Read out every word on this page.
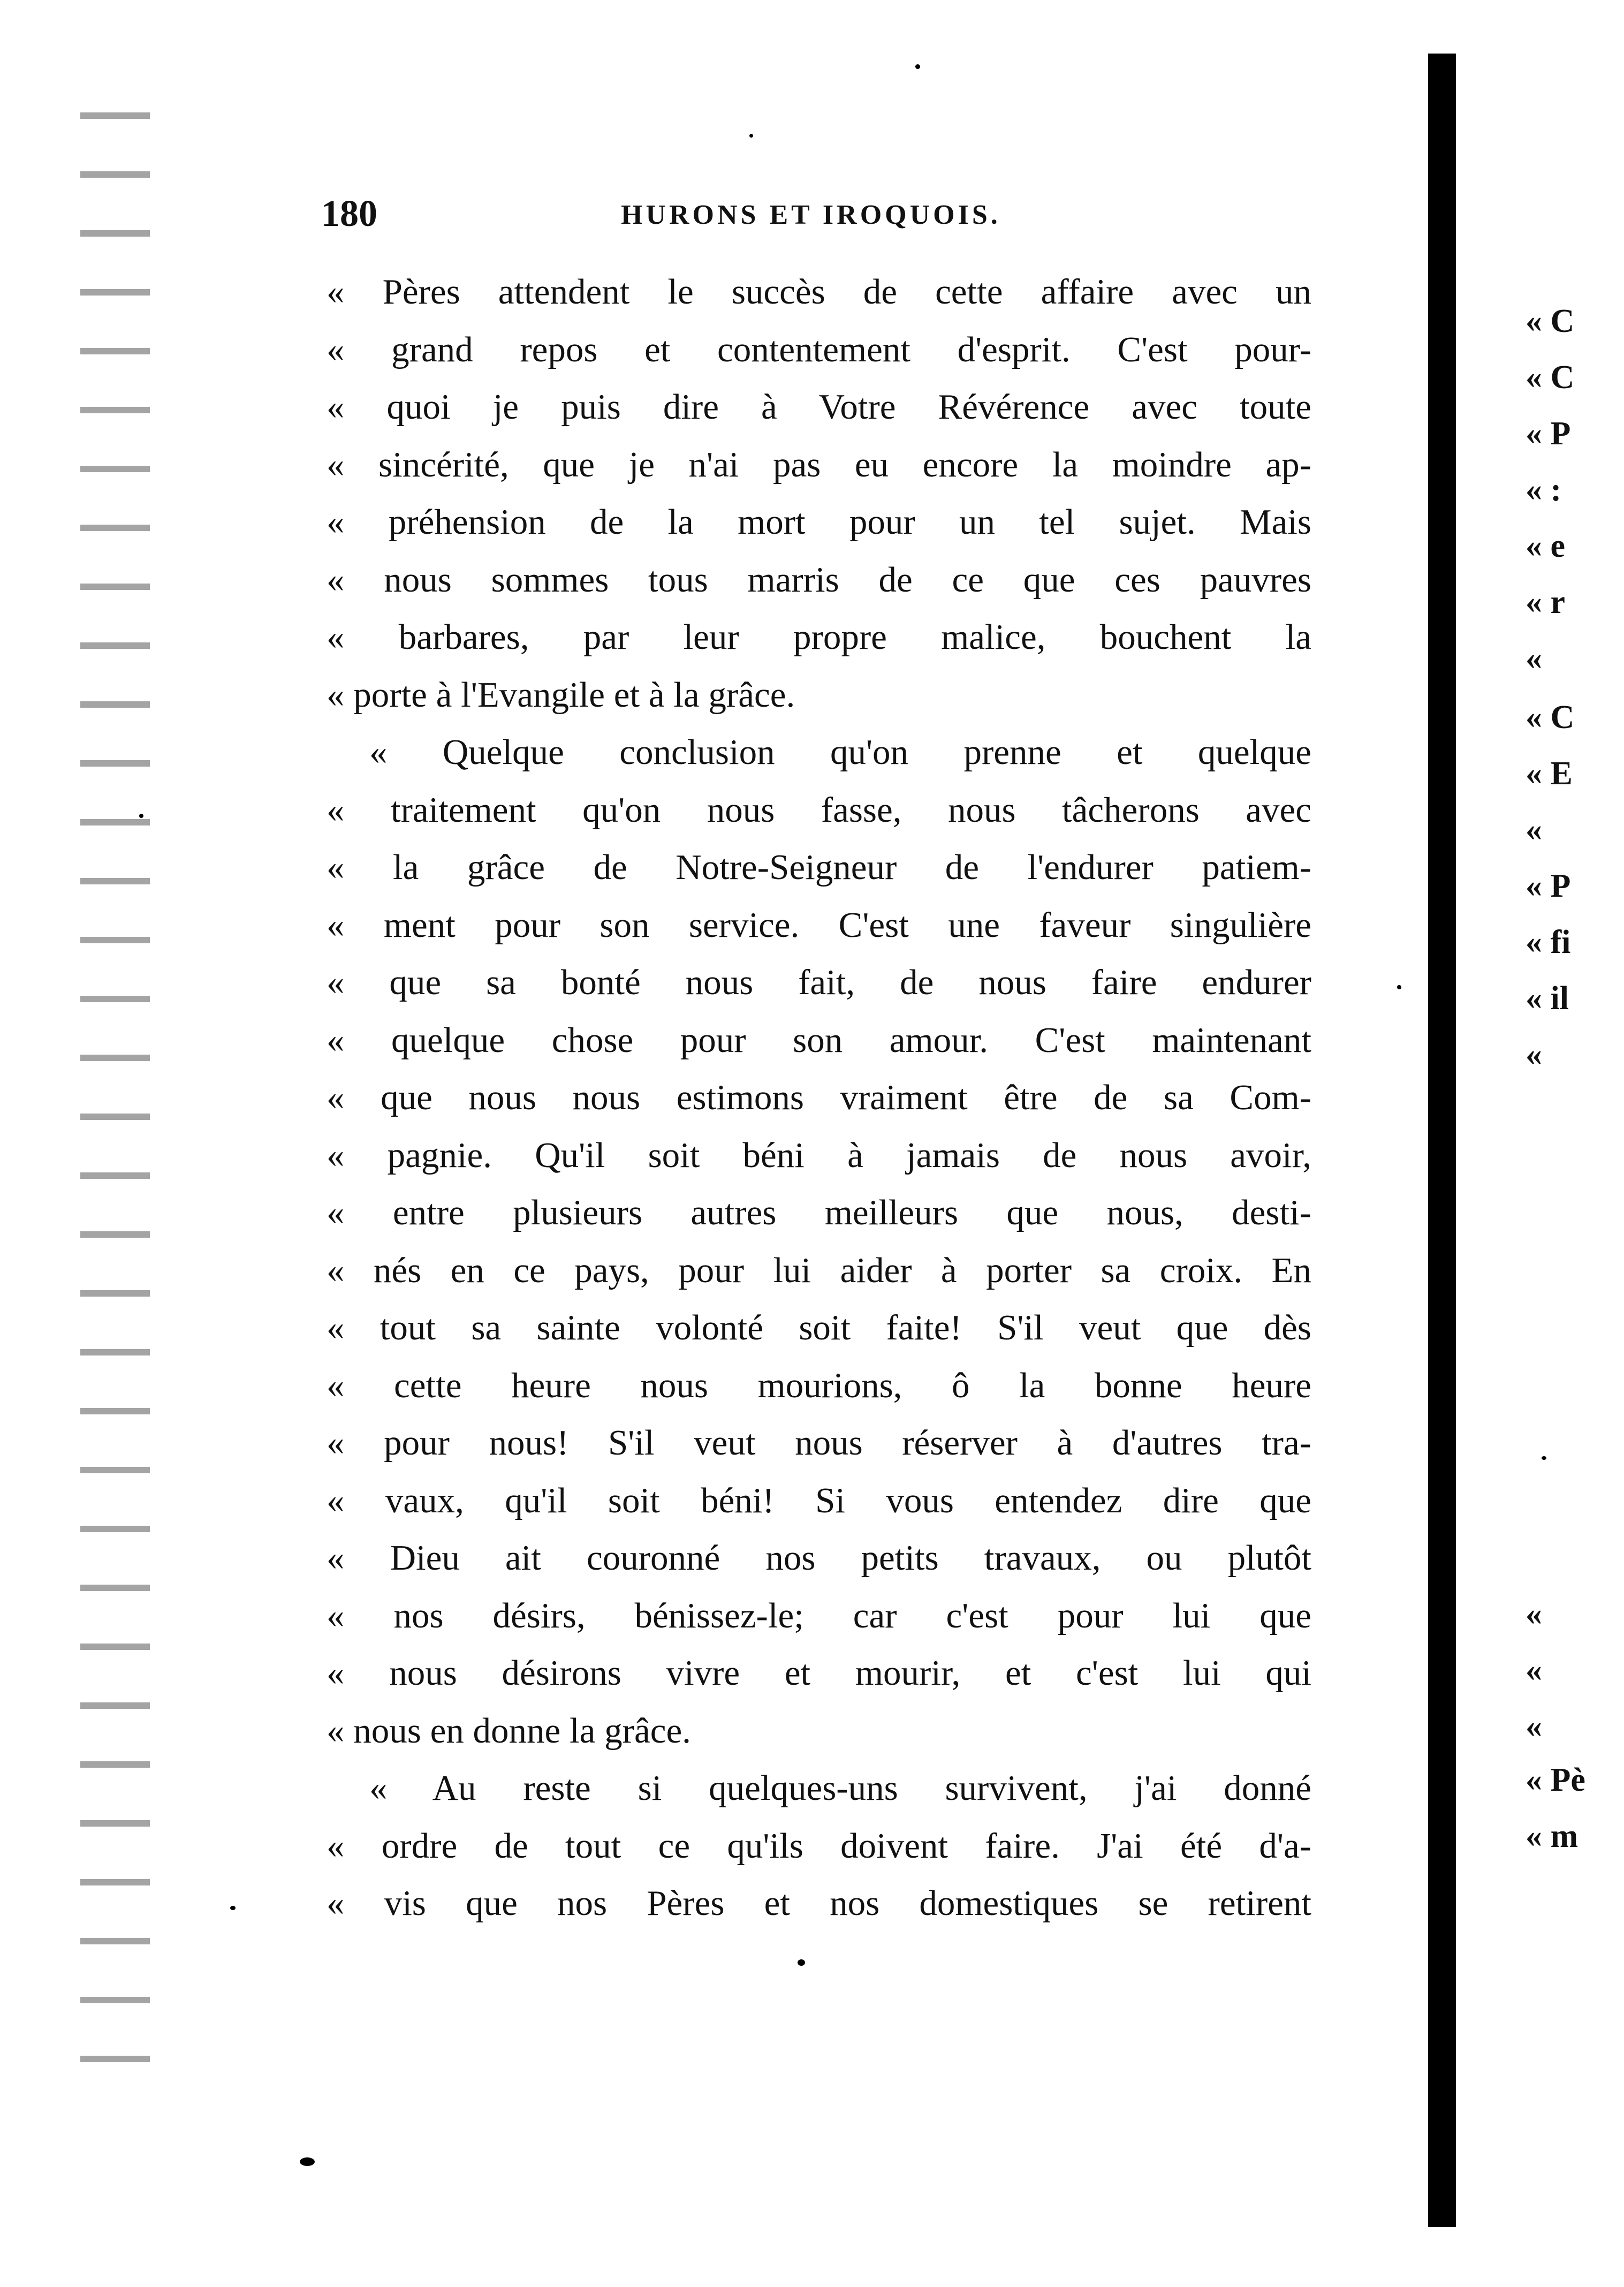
180	HURONS ET IROQUOIS.
« Pères attendent le succès de cette affaire avec un
« grand repos et contentement d'esprit. C'est pour-
« quoi je puis dire à Votre Révérence avec toute
« sincérité, que je n'ai pas eu encore la moindre ap-
« préhension de la mort pour un tel sujet. Mais
« nous sommes tous marris de ce que ces pauvres
« barbares, par leur propre malice, bouchent la
« porte à l'Evangile et à la grâce.
« Quelque conclusion qu'on prenne et quelque
« traitement qu'on nous fasse, nous tâcherons avec
« la grâce de Notre-Seigneur de l'endurer patiem-
« ment pour son service. C'est une faveur singulière
« que sa bonté nous fait, de nous faire endurer
« quelque chose pour son amour. C'est maintenant
« que nous nous estimons vraiment être de sa Com-
« pagnie. Qu'il soit béni à jamais de nous avoir,
« entre plusieurs autres meilleurs que nous, desti-
« nés en ce pays, pour lui aider à porter sa croix. En
« tout sa sainte volonté soit faite! S'il veut que dès
« cette heure nous mourions, ô la bonne heure
« pour nous! S'il veut nous réserver à d'autres tra-
« vaux, qu'il soit béni! Si vous entendez dire que
« Dieu ait couronné nos petits travaux, ou plutôt
« nos désirs, bénissez-le; car c'est pour lui que
« nous désirons vivre et mourir, et c'est lui qui
« nous en donne la grâce.
« Au reste si quelques-uns survivent, j'ai donné
« ordre de tout ce qu'ils doivent faire. J'ai été d'a-
« vis que nos Pères et nos domestiques se retirent
« C
« C
« P
« :
« e
« r
«
« C
« E
«
« P
« fi
« il
«
«
«
«
« Pè
« m
